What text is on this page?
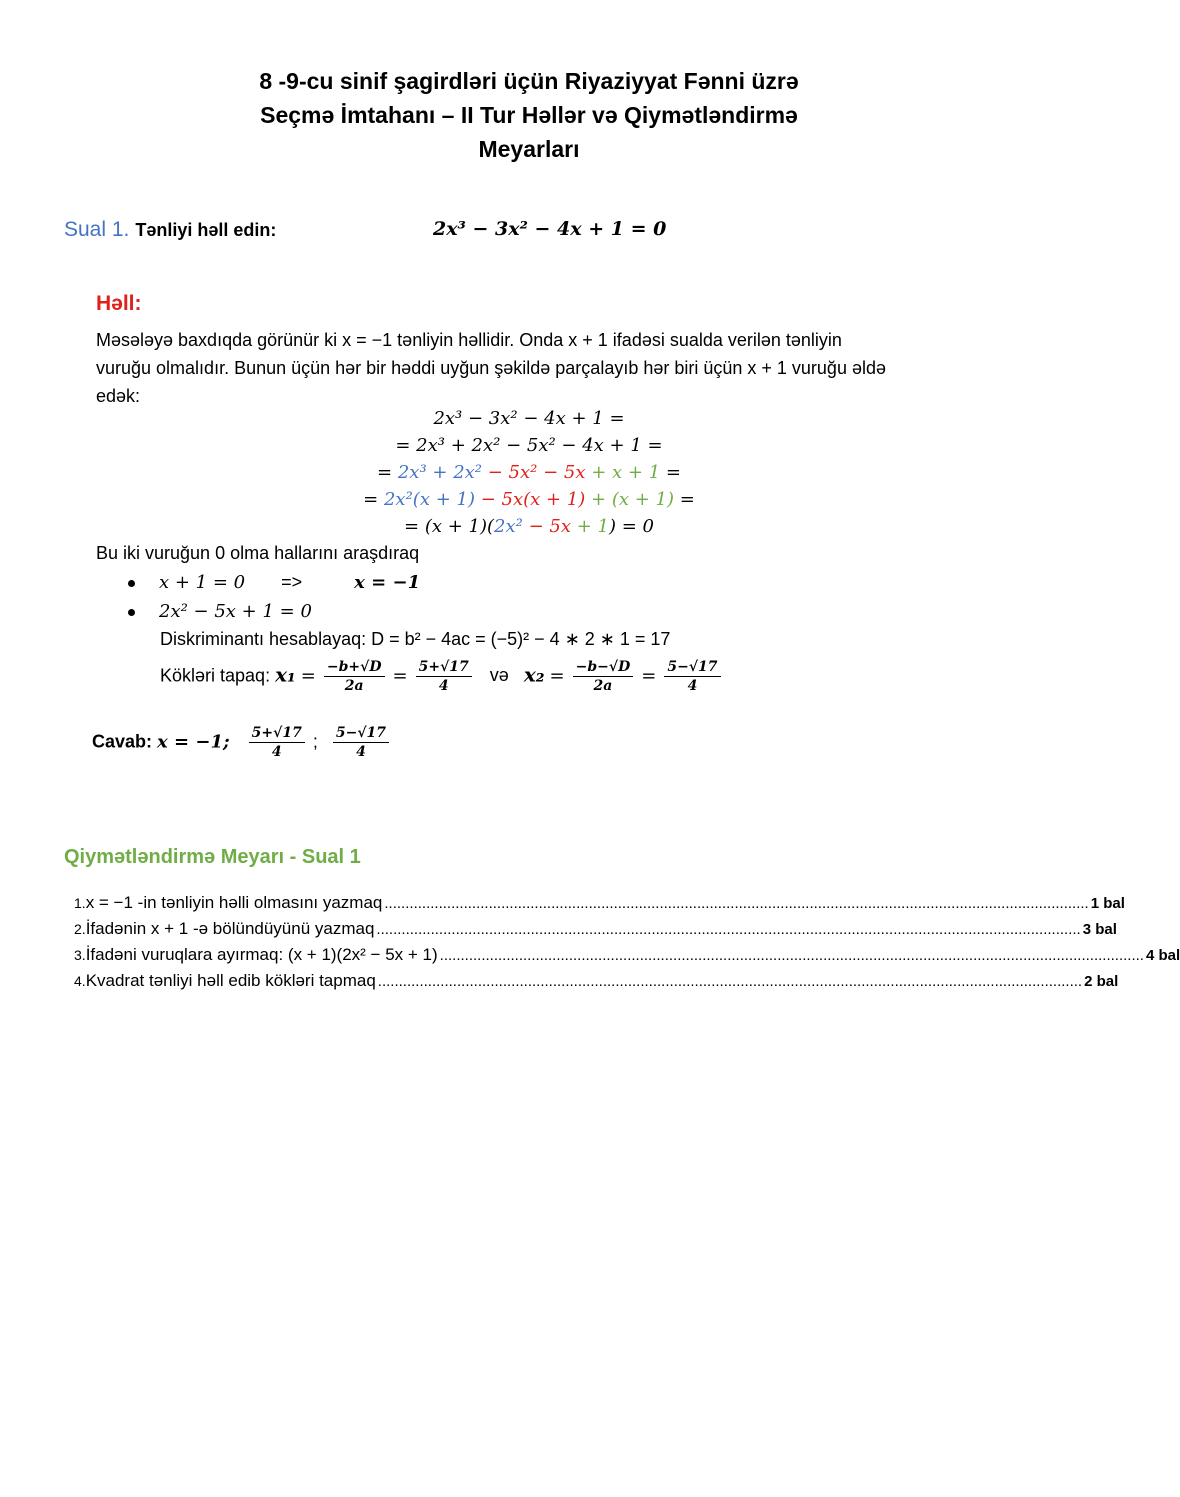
8 -9-cu sinif şagirdləri üçün Riyaziyyat Fənni üzrə
Seçmə İmtahanı – II Tur Həllər və Qiymətləndirmə
Meyarları
Sual 1. Tənliyi həll edin:	2x³ − 3x² − 4x + 1 = 0
Həll:

Məsələyə baxdıqda görünür ki x = −1 tənliyin həllidir. Onda x + 1 ifadəsi sualda verilən tənliyin

vuruğu olmalıdır. Bunun üçün hər bir həddi uyğun şəkildə parçalayıb hər biri üçün x + 1 vuruğu əldə

edək:

2x³ − 3x² − 4x + 1 =
= 2x³ + 2x² − 5x² − 4x + 1 =
= 2x³ + 2x² − 5x² − 5x + x + 1 =
= 2x²(x + 1) − 5x(x + 1) + (x + 1) =
= (x + 1)(2x² − 5x + 1) = 0
Bu iki vuruğun 0 olma hallarını araşdıraq
x + 1 = 0 =>	x = −1
2x² − 5x + 1 = 0
Diskriminantı hesablayaq: D = b² − 4ac = (−5)² − 4 ∗ 2 ∗ 1 = 17
Kökləri tapaq: $x_1 = \frac{-b+√D}{2a} = \frac{5+√17}{4}$ və $x_2 = \frac{-b-√D}{2a} = \frac{5-√17}{4}$
Cavab: x = −1; $\frac{5+√17}{4}$ ; $\frac{5-√17}{4}$
Qiymətləndirmə Meyarı - Sual 1
1. x = −1 -in tənliyin həlli olmasını yazmaq ......................................................................................................................................................................... 1 bal
2. İfadənin x + 1 -ə bölündüyünü yazmaq ......................................................................................................................................................................... 3 bal
3. İfadəni vuruqlara ayırmaq: (x + 1)(2x² − 5x + 1) ......................................................................................................................................................................... 4 bal
4. Kvadrat tənliyi həll edib kökləri tapmaq ......................................................................................................................................................................... 2 bal
